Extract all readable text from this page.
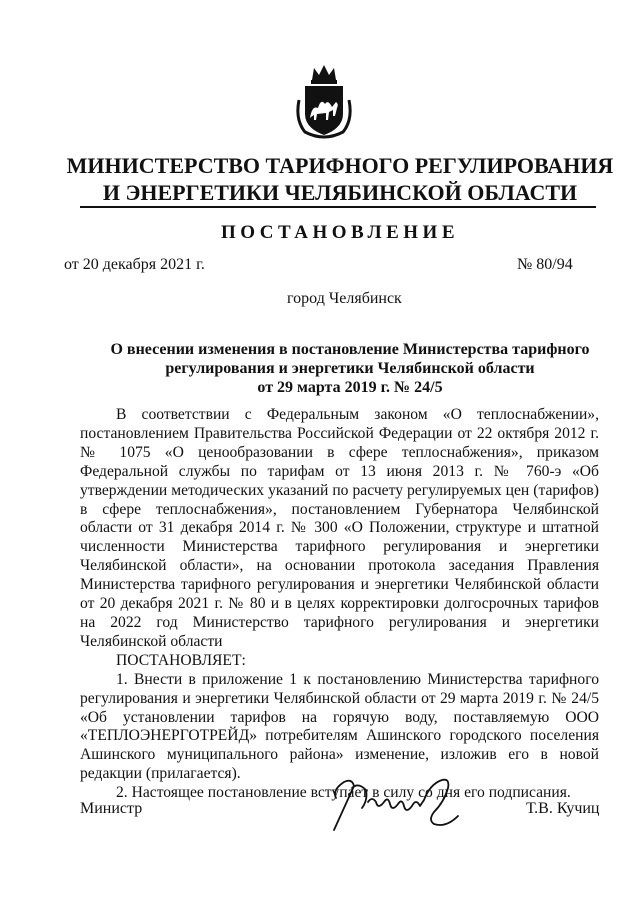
МИНИСТЕРСТВО ТАРИФНОГО РЕГУЛИРОВАНИЯ
И ЭНЕРГЕТИКИ ЧЕЛЯБИНСКОЙ ОБЛАСТИ
ПОСТАНОВЛЕНИЕ
от 20 декабря 2021 г.	№ 80/94
город Челябинск
О внесении изменения в постановление Министерства тарифного
регулирования и энергетики Челябинской области
от 29 марта 2019 г. № 24/5

В соответствии с Федеральным законом «О теплоснабжении», постановлением Правительства Российской Федерации от 22 октября 2012 г. № 1075 «О ценообразовании в сфере теплоснабжения», приказом Федеральной службы по тарифам от 13 июня 2013 г. № 760-э «Об утверждении методических указаний по расчету регулируемых цен (тарифов) в сфере теплоснабжения», постановлением Губернатора Челябинской области от 31 декабря 2014 г. № 300 «О Положении, структуре и штатной численности Министерства тарифного регулирования и энергетики Челябинской области», на основании протокола заседания Правления Министерства тарифного регулирования и энергетики Челябинской области от 20 декабря 2021 г. № 80 и в целях корректировки долгосрочных тарифов на 2022 год Министерство тарифного регулирования и энергетики Челябинской области

ПОСТАНОВЛЯЕТ:

1. Внести в приложение 1 к постановлению Министерства тарифного регулирования и энергетики Челябинской области от 29 марта 2019 г. № 24/5 «Об установлении тарифов на горячую воду, поставляемую ООО «ТЕПЛОЭНЕРГОТРЕЙД» потребителям Ашинского городского поселения Ашинского муниципального района» изменение, изложив его в новой редакции (прилагается).

2. Настоящее постановление вступает в силу со дня его подписания.

Министр	Т.В. Кучиц
